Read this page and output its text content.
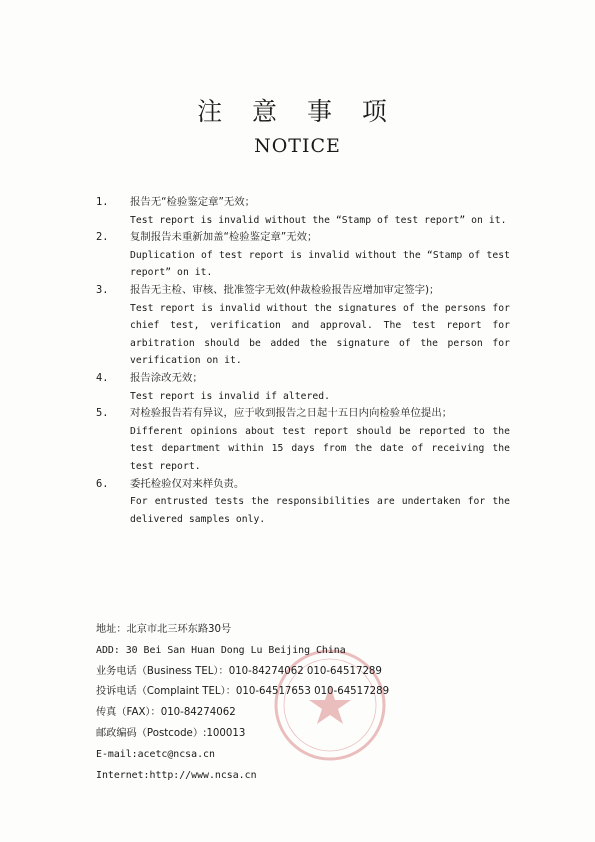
注 意 事 项
NOTICE
1.	报告无“检验鉴定章”无效；
Test report is invalid without the “Stamp of test report” on it.
2.	复制报告未重新加盖“检验鉴定章”无效；
Duplication of test report is invalid without the “Stamp of test report” on it.
3.	报告无主检、审核、批准签字无效(仲裁检验报告应增加审定签字)；
Test report is invalid without the signatures of the persons for chief test, verification and approval. The test report for arbitration should be added the signature of the person for verification on it.
4.	报告涂改无效；
Test report is invalid if altered.
5.	对检验报告若有异议，应于收到报告之日起十五日内向检验单位提出；
Different opinions about test report should be reported to the test department within 15 days from the date of receiving the test report.
6.	委托检验仅对来样负责。
For entrusted tests the responsibilities are undertaken for the delivered samples only.
地址：北京市北三环东路30号
ADD: 30 Bei San Huan Dong Lu Beijing China
业务电话（Business TEL）：010-84274062 010-64517289
投诉电话（Complaint TEL）：010-64517653 010-64517289
传真（FAX）：010-84274062
邮政编码（Postcode）:100013
E-mail:acetc@ncsa.cn
Internet:http://www.ncsa.cn
